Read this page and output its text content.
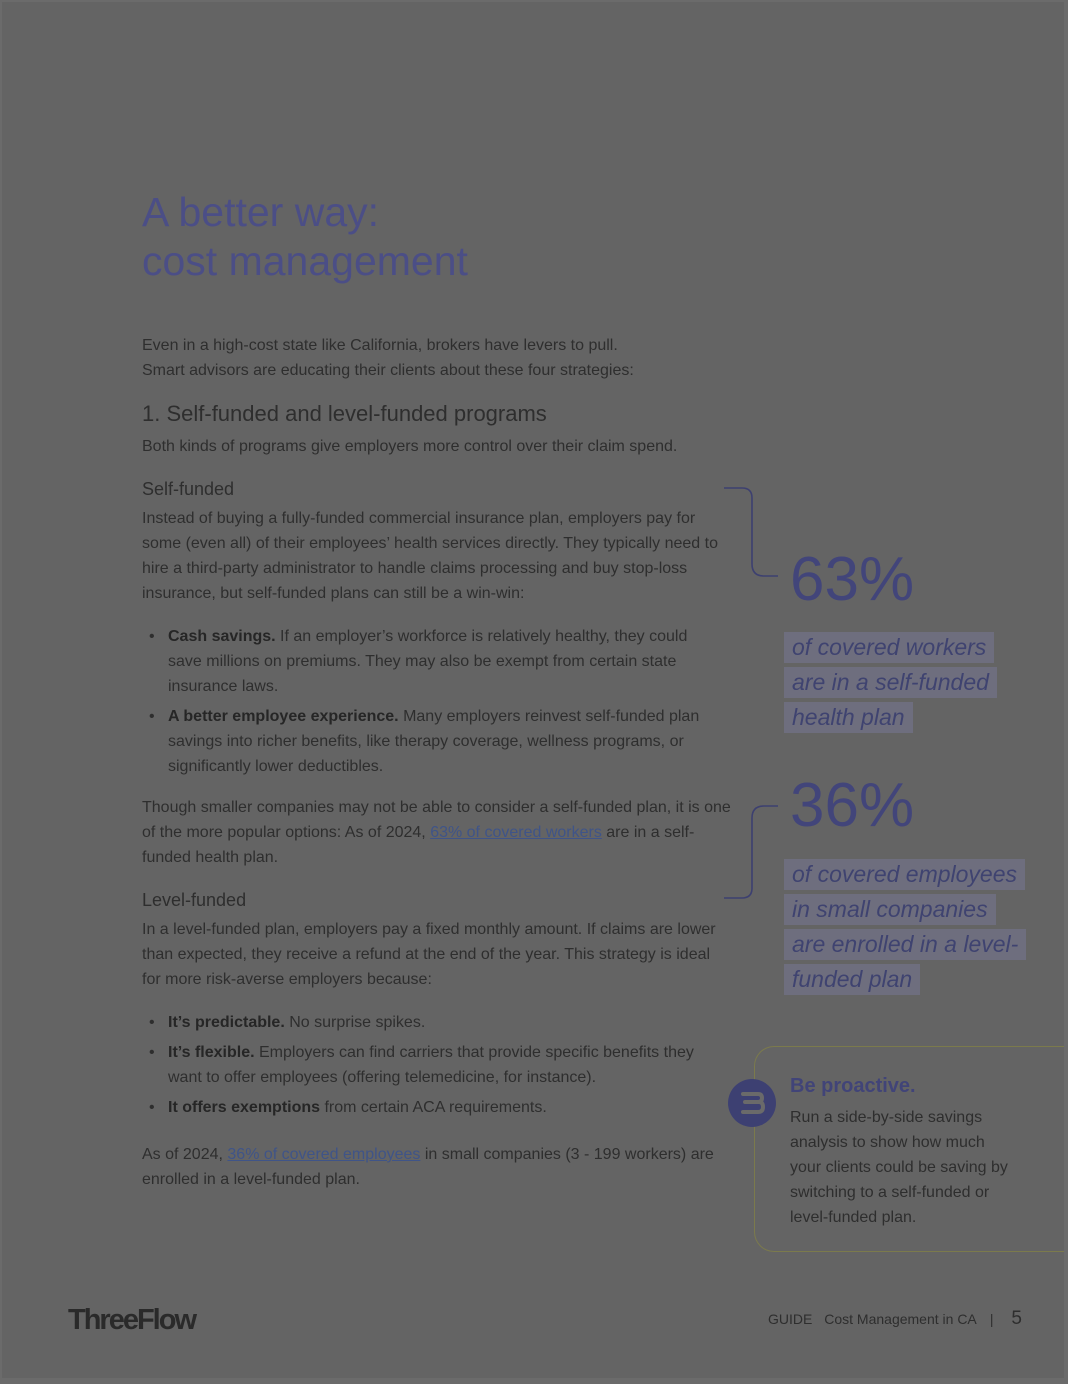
A better way:
cost management

Even in a high-cost state like California, brokers have levers to pull.

Smart advisors are educating their clients about these four strategies:

1. Self-funded and level-funded programs

Both kinds of programs give employers more control over their claim spend.

Self-funded

Instead of buying a fully-funded commercial insurance plan, employers pay for some (even all) of their employees’ health services directly. They typically need to hire a third-party administrator to handle claims processing and buy stop-loss insurance, but self-funded plans can still be a win-win:

• Cash savings. If an employer’s workforce is relatively healthy, they could save millions on premiums. They may also be exempt from certain state insurance laws.
• A better employee experience. Many employers reinvest self-funded plan savings into richer benefits, like therapy coverage, wellness programs, or significantly lower deductibles.

Though smaller companies may not be able to consider a self-funded plan, it is one of the more popular options: As of 2024, 63% of covered workers are in a self-funded health plan.

Level-funded

In a level-funded plan, employers pay a fixed monthly amount. If claims are lower than expected, they receive a refund at the end of the year. This strategy is ideal for more risk-averse employers because:

• It’s predictable. No surprise spikes.
• It’s flexible. Employers can find carriers that provide specific benefits they want to offer employees (offering telemedicine, for instance).
• It offers exemptions from certain ACA requirements.

As of 2024, 36% of covered employees in small companies (3 - 199 workers) are enrolled in a level-funded plan.

63%

of covered workers
are in a self-funded
health plan

36%

of covered employees
in small companies
are enrolled in a level-
funded plan

Be proactive.

Run a side-by-side savings analysis to show how much your clients could be saving by switching to a self-funded or level-funded plan.

ThreeFlow	GUIDE Cost Management in CA | 5
